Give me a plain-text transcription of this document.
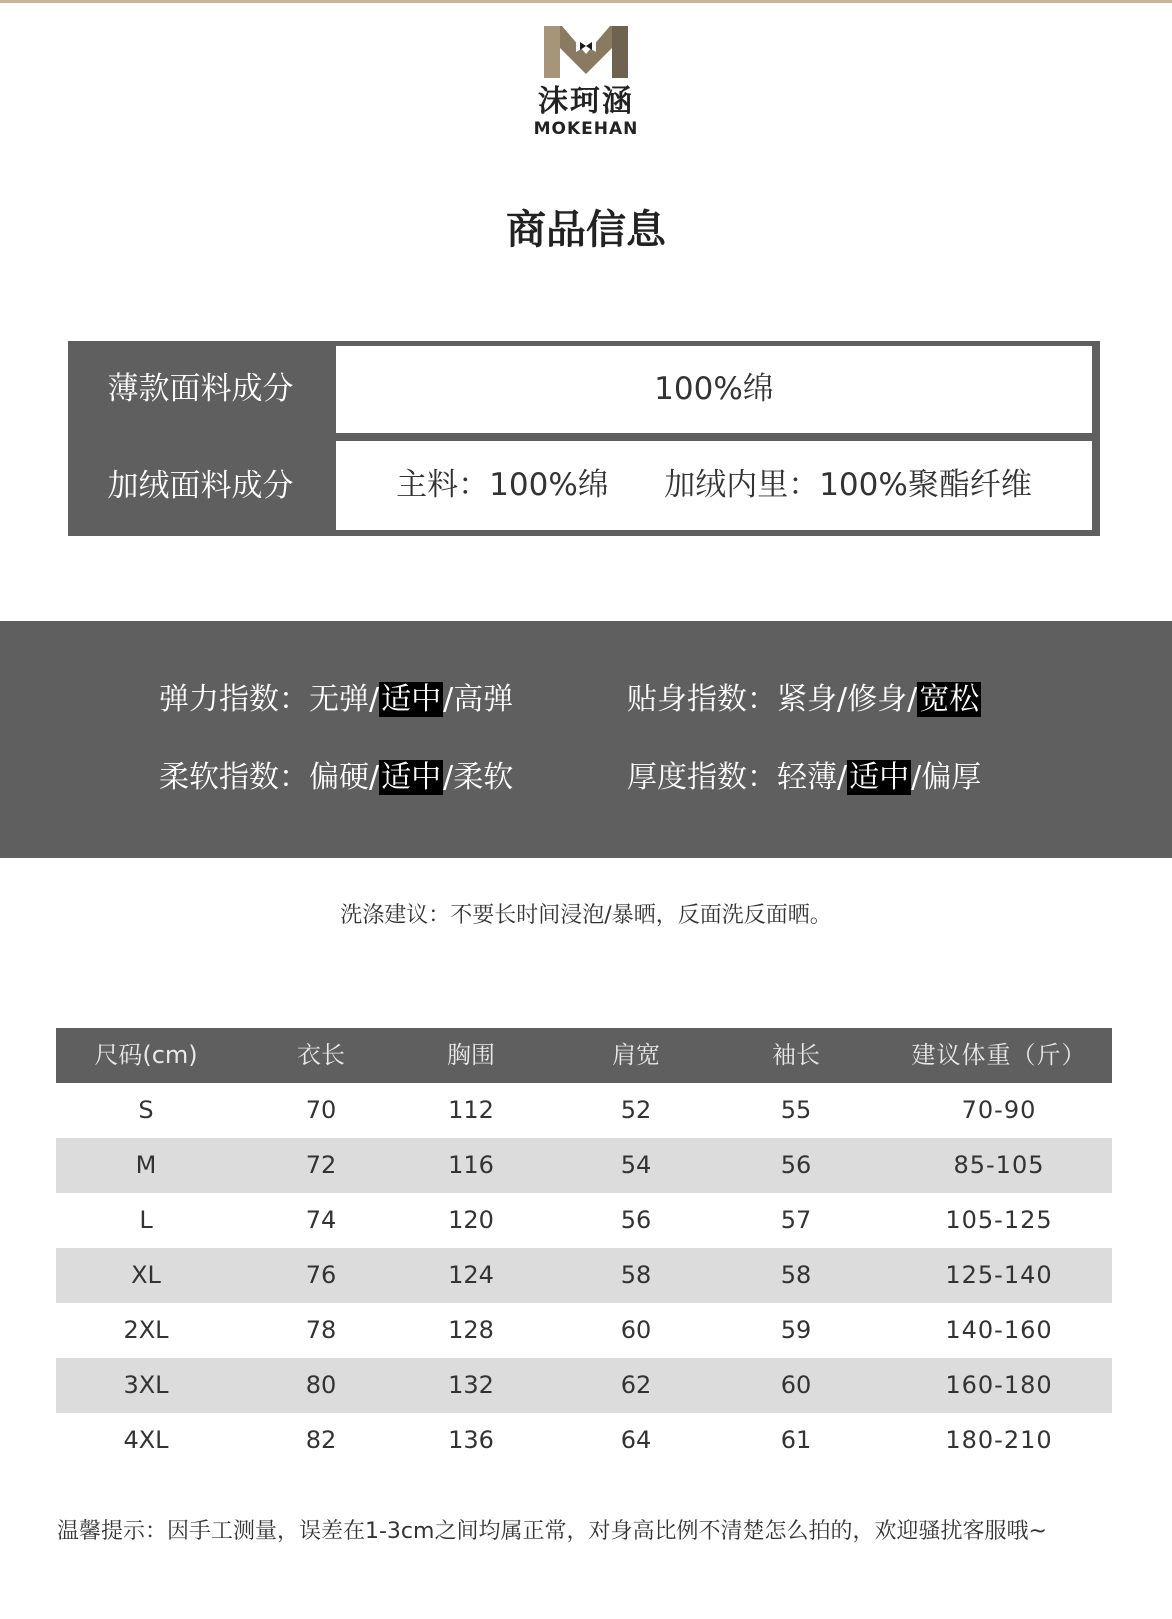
沫珂涵
MOKEHAN
商品信息
薄款面料成分	100%绵
加绒面料成分	主料：100%绵    加绒内里：100%聚酯纤维
弹力指数：无弹/适中/高弹	贴身指数：紧身/修身/宽松
柔软指数：偏硬/适中/柔软	厚度指数：轻薄/适中/偏厚
洗涤建议：不要长时间浸泡/暴晒，反面洗反面晒。
尺码(cm)	衣长	胸围	肩宽	袖长	建议体重（斤）
S	70	112	52	55	70-90
M	72	116	54	56	85-105
L	74	120	56	57	105-125
XL	76	124	58	58	125-140
2XL	78	128	60	59	140-160
3XL	80	132	62	60	160-180
4XL	82	136	64	61	180-210
温馨提示：因手工测量，误差在1-3cm之间均属正常，对身高比例不清楚怎么拍的，欢迎骚扰客服哦~
